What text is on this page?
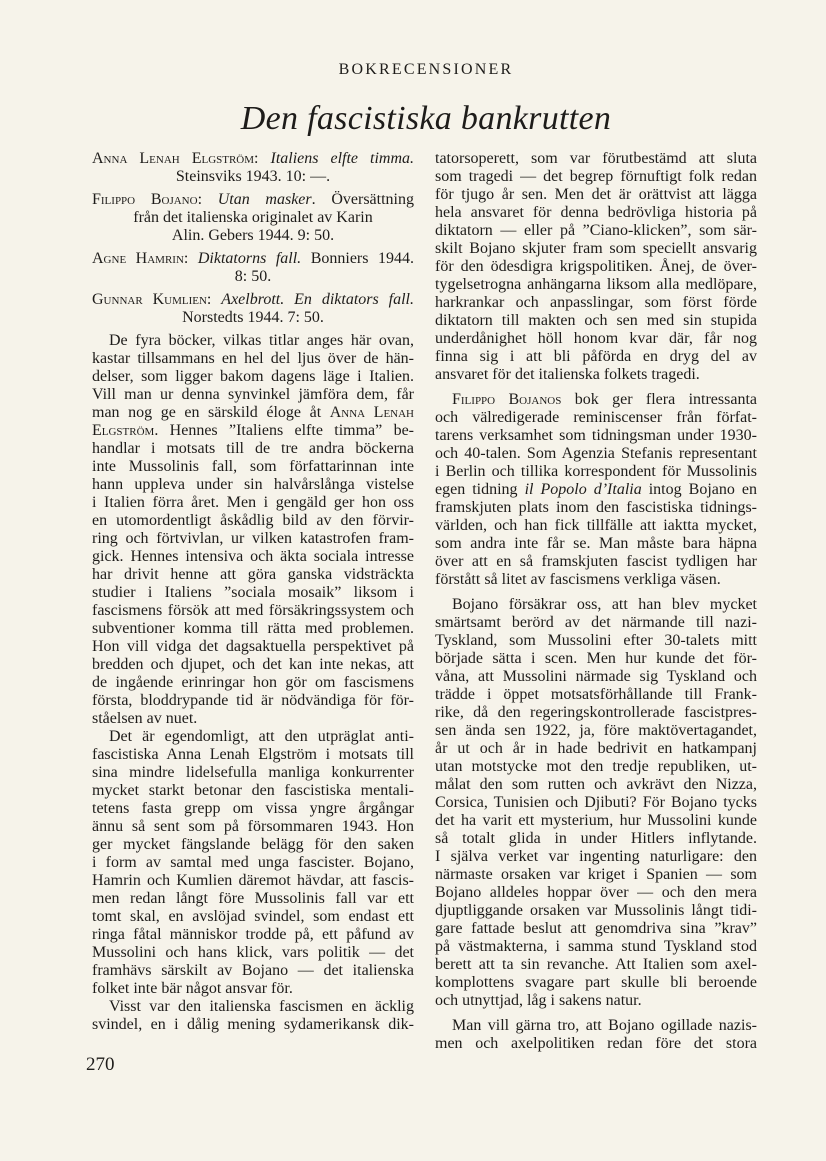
BOKRECENSIONER
Den fascistiska bankrutten
Anna Lenah Elgström: Italiens elfte timma.
Steinsviks 1943. 10: —.
Filippo Bojano: Utan masker. Översättning
från det italienska originalet av Karin
Alin. Gebers 1944. 9: 50.
Agne Hamrin: Diktatorns fall. Bonniers 1944.
8: 50.
Gunnar Kumlien: Axelbrott. En diktators fall.
Norstedts 1944. 7: 50.
De fyra böcker, vilkas titlar anges här ovan,
kastar tillsammans en hel del ljus över de hän-
delser, som ligger bakom dagens läge i Italien.
Vill man ur denna synvinkel jämföra dem, får
man nog ge en särskild éloge åt Anna Lenah
Elgström. Hennes ”Italiens elfte timma” be-
handlar i motsats till de tre andra böckerna
inte Mussolinis fall, som författarinnan inte
hann uppleva under sin halvårslånga vistelse
i Italien förra året. Men i gengäld ger hon oss
en utomordentligt åskådlig bild av den förvir-
ring och förtvivlan, ur vilken katastrofen fram-
gick. Hennes intensiva och äkta sociala intresse
har drivit henne att göra ganska vidsträckta
studier i Italiens ”sociala mosaik” liksom i
fascismens försök att med försäkringssystem och
subventioner komma till rätta med problemen.
Hon vill vidga det dagsaktuella perspektivet på
bredden och djupet, och det kan inte nekas, att
de ingående erinringar hon gör om fascismens
första, bloddrypande tid är nödvändiga för för-
ståelsen av nuet.
Det är egendomligt, att den utpräglat anti-
fascistiska Anna Lenah Elgström i motsats till
sina mindre lidelsefulla manliga konkurrenter
mycket starkt betonar den fascistiska mentali-
tetens fasta grepp om vissa yngre årgångar
ännu så sent som på försommaren 1943. Hon
ger mycket fängslande belägg för den saken
i form av samtal med unga fascister. Bojano,
Hamrin och Kumlien däremot hävdar, att fascis-
men redan långt före Mussolinis fall var ett
tomt skal, en avslöjad svindel, som endast ett
ringa fåtal människor trodde på, ett påfund av
Mussolini och hans klick, vars politik — det
framhävs särskilt av Bojano — det italienska
folket inte bär något ansvar för.
Visst var den italienska fascismen en äcklig
svindel, en i dålig mening sydamerikansk dik-
tatorsoperett, som var förutbestämd att sluta
som tragedi — det begrep förnuftigt folk redan
för tjugo år sen. Men det är orättvist att lägga
hela ansvaret för denna bedrövliga historia på
diktatorn — eller på ”Ciano-klicken”, som sär-
skilt Bojano skjuter fram som speciellt ansvarig
för den ödesdigra krigspolitiken. Ånej, de över-
tygelsetrogna anhängarna liksom alla medlöpare,
harkrankar och anpasslingar, som först förde
diktatorn till makten och sen med sin stupida
underdånighet höll honom kvar där, får nog
finna sig i att bli påförda en dryg del av
ansvaret för det italienska folkets tragedi.
Filippo Bojanos bok ger flera intressanta
och välredigerade reminiscenser från förfat-
tarens verksamhet som tidningsman under 1930-
och 40-talen. Som Agenzia Stefanis representant
i Berlin och tillika korrespondent för Mussolinis
egen tidning il Popolo d’Italia intog Bojano en
framskjuten plats inom den fascistiska tidnings-
världen, och han fick tillfälle att iaktta mycket,
som andra inte får se. Man måste bara häpna
över att en så framskjuten fascist tydligen har
förstått så litet av fascismens verkliga väsen.
Bojano försäkrar oss, att han blev mycket
smärtsamt berörd av det närmande till nazi-
Tyskland, som Mussolini efter 30-talets mitt
började sätta i scen. Men hur kunde det för-
våna, att Mussolini närmade sig Tyskland och
trädde i öppet motsatsförhållande till Frank-
rike, då den regeringskontrollerade fascistpres-
sen ända sen 1922, ja, före maktövertagandet,
år ut och år in hade bedrivit en hatkampanj
utan motstycke mot den tredje republiken, ut-
målat den som rutten och avkrävt den Nizza,
Corsica, Tunisien och Djibuti? För Bojano tycks
det ha varit ett mysterium, hur Mussolini kunde
så totalt glida in under Hitlers inflytande.
I själva verket var ingenting naturligare: den
närmaste orsaken var kriget i Spanien — som
Bojano alldeles hoppar över — och den mera
djuptliggande orsaken var Mussolinis långt tidi-
gare fattade beslut att genomdriva sina ”krav”
på västmakterna, i samma stund Tyskland stod
berett att ta sin revanche. Att Italien som axel-
komplottens svagare part skulle bli beroende
och utnyttjad, låg i sakens natur.
Man vill gärna tro, att Bojano ogillade nazis-
men och axelpolitiken redan före det stora
270
